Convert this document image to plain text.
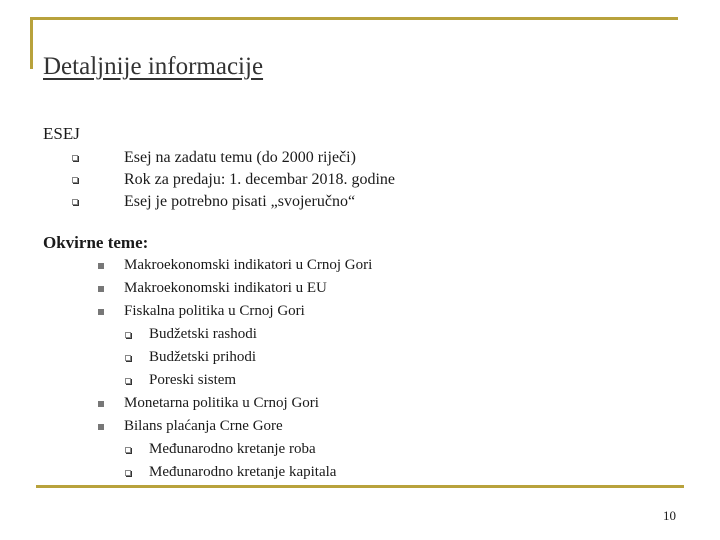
Detaljnije informacije
ESEJ
Esej na zadatu temu (do 2000 riječi)
Rok za predaju: 1. decembar 2018. godine
Esej je potrebno pisati „svojeručno“
Okvirne teme:
Makroekonomski indikatori u Crnoj Gori
Makroekonomski indikatori u EU
Fiskalna politika u Crnoj Gori
Budžetski rashodi
Budžetski prihodi
Poreski sistem
Monetarna politika u Crnoj Gori
Bilans plaćanja Crne Gore
Međunarodno kretanje roba
Međunarodno kretanje kapitala
10
